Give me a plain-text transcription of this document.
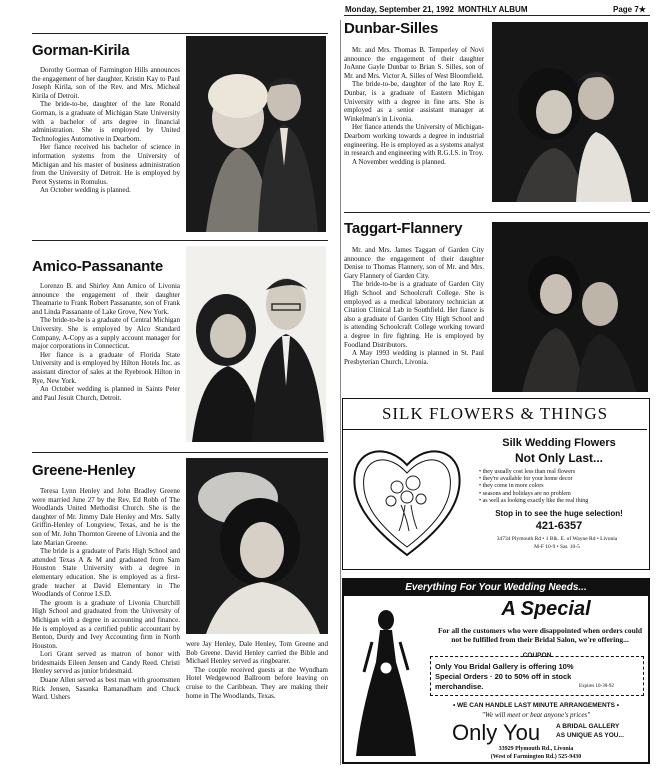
Monday, September 21, 1992 MONTHLY ALBUM	Page 7★
Gorman-Kirila

Dorothy Gorman of Farmington Hills announces the engagement of her daughter, Kristin Kay to Paul Joseph Kirila, son of the Rev. and Mrs. Micheal Kirila of Detroit.

The bride-to-be, daughter of the late Ronald Gorman, is a graduate of Michigan State University with a bachelor of arts degree in financial administration. She is employed by United Technologies Automotive in Dearborn.

Her fiance received his bachelor of science in information systems from the University of Michigan and his master of business administration from the University of Detroit. He is employed by Perot Systems in Romulus.

An October wedding is planned.

Amico-Passanante

Lorenzo B. and Shirley Ann Amico of Livonia announce the engagement of their daughter Theamarie to Frank Robert Passanante, son of Frank and Linda Passanante of Lake Grove, New York.

The bride-to-be is a graduate of Central Michigan University. She is employed by Alco Standard Company, A-Copy as a supply account manager for major corporations in Connecticut.

Her fiance is a graduate of Florida State University and is employed by Hilton Hotels Inc. as assistant director of sales at the Ryebrook Hilton in Rye, New York.

An October wedding is planned in Saints Peter and Paul Jesuit Church, Detroit.

Greene-Henley

Teresa Lynn Henley and John Bradley Greene were married June 27 by the Rev. Ed Robb of The Woodlands United Methodist Church. She is the daughter of Mr. Jimmy Dale Henley and Mrs. Sally Griffin-Henley of Longview, Texas, and he is the son of Mr. John Thornton Greene of Livonia and the late Marian Greene.

The bride is a graduate of Paris High School and attended Texas A & M and graduated from Sam Houston State University with a degree in elementary education. She is employed as a first-grade teacher at David Elementary in The Woodlands of Conroe I.S.D.

The groom is a graduate of Livonia Churchill High School and graduated from the University of Michigan with a degree in accounting and finance. He is employed as a certified public accountant by Benton, Durdy and Ivey Accounting firm in North Houston.

Lori Grant served as matron of honor with bridesmaids Eileen Jensen and Candy Reed. Christi Henley served as junior bridesmaid.

Duane Allen served as best man with groomsmen Rick Jensen, Sasanka Ramanadham and Chuck Ward. Ushers

were Jay Henley, Dale Henley, Tom Greene and Bob Greene. David Henley carried the Bible and Michael Henley served as ringbearer.

The couple received guests at the Wyndham Hotel Wedgewood Ballroom before leaving on cruise to the Caribbean. They are making their home in The Woodlands, Texas.

Dunbar-Silles

Mr. and Mrs. Thomas B. Temperley of Novi announce the engagement of their daughter JoAnne Gayle Dunbar to Brian S. Silles, son of Mr. and Mrs. Victor A. Silles of West Bloomfield.

The bride-to-be, daughter of the late Roy E. Dunbar, is a graduate of Eastern Michigan University with a degree in fine arts. She is employed as a senior assistant manager at Winkelman's in Livonia.

Her fiance attends the University of Michigan-Dearborn working towards a degree in industrial engineering. He is employed as a systems analyst in research and engineering with R.G.I.S. in Troy.

A November wedding is planned.

Taggart-Flannery

Mr. and Mrs. James Taggart of Garden City announce the engagement of their daughter Denise to Thomas Flannery, son of Mr. and Mrs. Gary Flannery of Garden City.

The bride-to-be is a graduate of Garden City High School and Schoolcraft College. She is employed as a medical laboratory technician at Citation Clinical Lab in Southfield. Her fiance is also a graduate of Garden City High School and is attending Schoolcraft College working toward a degree in fire fighting. He is employed by Foodland Distributors.

A May 1993 wedding is planned in St. Paul Presbyterian Church, Livonia.

SILK FLOWERS & THINGS
Silk Wedding Flowers
Not Only Last...
• they usually cost less than real flowers
• they're available for your home decor
• they come in more colors
• seasons and holidays are no problem
• as well as looking exactly like the real thing
Stop in to see the huge selection!
421-6357
34734 Plymouth Rd • 1 Blk. E. of Wayne Rd • Livonia
M-F 10-9 • Sat. 10-5
Everything For Your Wedding Needs...
A Special
For all the customers who were disappointed when orders could not be fulfilled from their Bridal Salon, we're offering...
COUPON
Only You Bridal Gallery is offering 10%
Special Orders · 20 to 50% off in stock
merchandise.	Expires 10-30-92
• WE CAN HANDLE LAST MINUTE ARRANGEMENTS •
"We will meet or beat anyone's prices"
Only You A BRIDAL GALLERY
AS UNIQUE AS YOU...
33929 Plymouth Rd., Livonia
(West of Farmington Rd.) 525-9430
